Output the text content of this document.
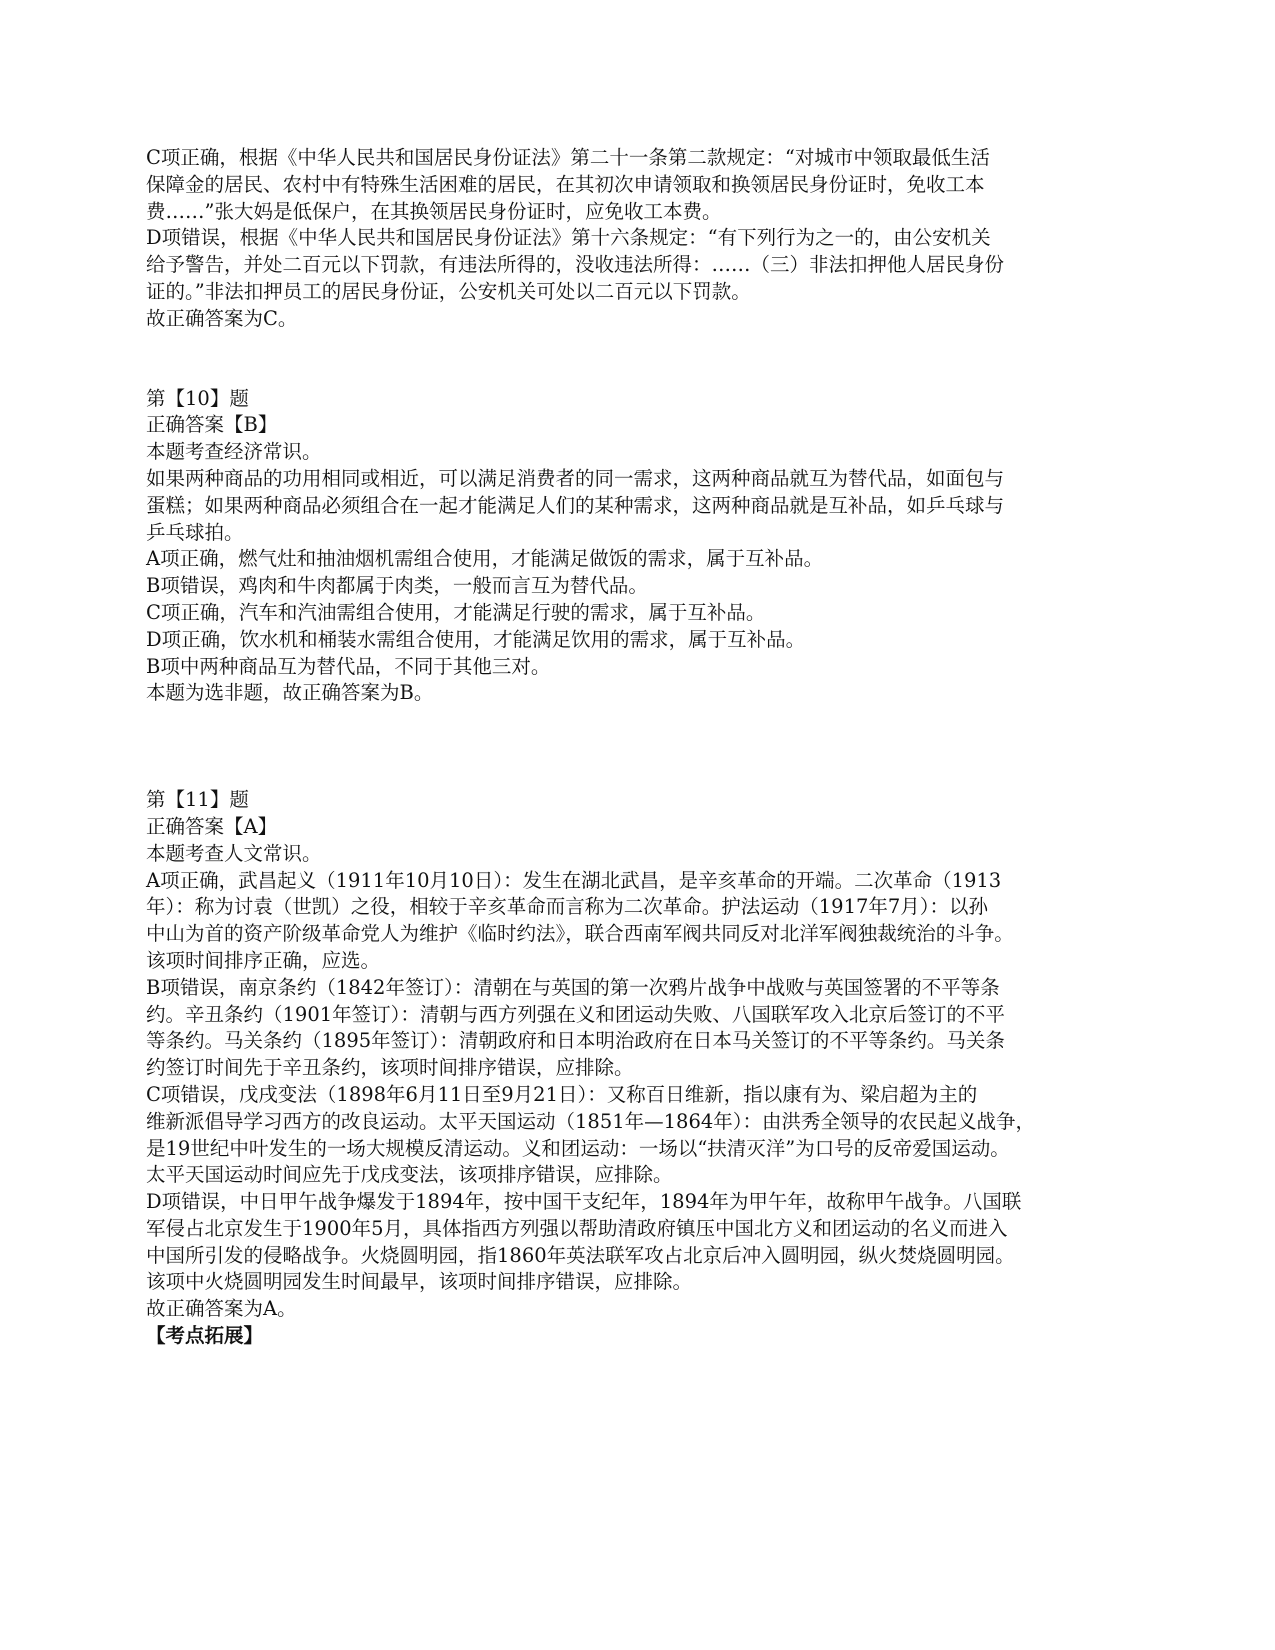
C项正确，根据《中华人民共和国居民身份证法》第二十一条第二款规定：“对城市中领取最低生活
保障金的居民、农村中有特殊生活困难的居民，在其初次申请领取和换领居民身份证时，免收工本
费……”张大妈是低保户，在其换领居民身份证时，应免收工本费。
D项错误，根据《中华人民共和国居民身份证法》第十六条规定：“有下列行为之一的，由公安机关
给予警告，并处二百元以下罚款，有违法所得的，没收违法所得：……（三）非法扣押他人居民身份
证的。”非法扣押员工的居民身份证，公安机关可处以二百元以下罚款。
故正确答案为C。
第【10】题
正确答案【B】
本题考查经济常识。
如果两种商品的功用相同或相近，可以满足消费者的同一需求，这两种商品就互为替代品，如面包与
蛋糕；如果两种商品必须组合在一起才能满足人们的某种需求，这两种商品就是互补品，如乒乓球与
乒乓球拍。
A项正确，燃气灶和抽油烟机需组合使用，才能满足做饭的需求，属于互补品。
B项错误，鸡肉和牛肉都属于肉类，一般而言互为替代品。
C项正确，汽车和汽油需组合使用，才能满足行驶的需求，属于互补品。
D项正确，饮水机和桶装水需组合使用，才能满足饮用的需求，属于互补品。
B项中两种商品互为替代品，不同于其他三对。
本题为选非题，故正确答案为B。
第【11】题
正确答案【A】
本题考查人文常识。
A项正确，武昌起义（1911年10月10日）：发生在湖北武昌，是辛亥革命的开端。二次革命（1913
年）：称为讨袁（世凯）之役，相较于辛亥革命而言称为二次革命。护法运动（1917年7月）：以孙
中山为首的资产阶级革命党人为维护《临时约法》，联合西南军阀共同反对北洋军阀独裁统治的斗争。
该项时间排序正确，应选。
B项错误，南京条约（1842年签订）：清朝在与英国的第一次鸦片战争中战败与英国签署的不平等条
约。辛丑条约（1901年签订）：清朝与西方列强在义和团运动失败、八国联军攻入北京后签订的不平
等条约。马关条约（1895年签订）：清朝政府和日本明治政府在日本马关签订的不平等条约。马关条
约签订时间先于辛丑条约，该项时间排序错误，应排除。
C项错误，戊戌变法（1898年6月11日至9月21日）：又称百日维新，指以康有为、梁启超为主的
维新派倡导学习西方的改良运动。太平天国运动（1851年—1864年）：由洪秀全领导的农民起义战争，
是19世纪中叶发生的一场大规模反清运动。义和团运动：一场以“扶清灭洋”为口号的反帝爱国运动。
太平天国运动时间应先于戊戌变法，该项排序错误，应排除。
D项错误，中日甲午战争爆发于1894年，按中国干支纪年，1894年为甲午年，故称甲午战争。八国联
军侵占北京发生于1900年5月，具体指西方列强以帮助清政府镇压中国北方义和团运动的名义而进入
中国所引发的侵略战争。火烧圆明园，指1860年英法联军攻占北京后冲入圆明园，纵火焚烧圆明园。
该项中火烧圆明园发生时间最早，该项时间排序错误，应排除。
故正确答案为A。
【考点拓展】
